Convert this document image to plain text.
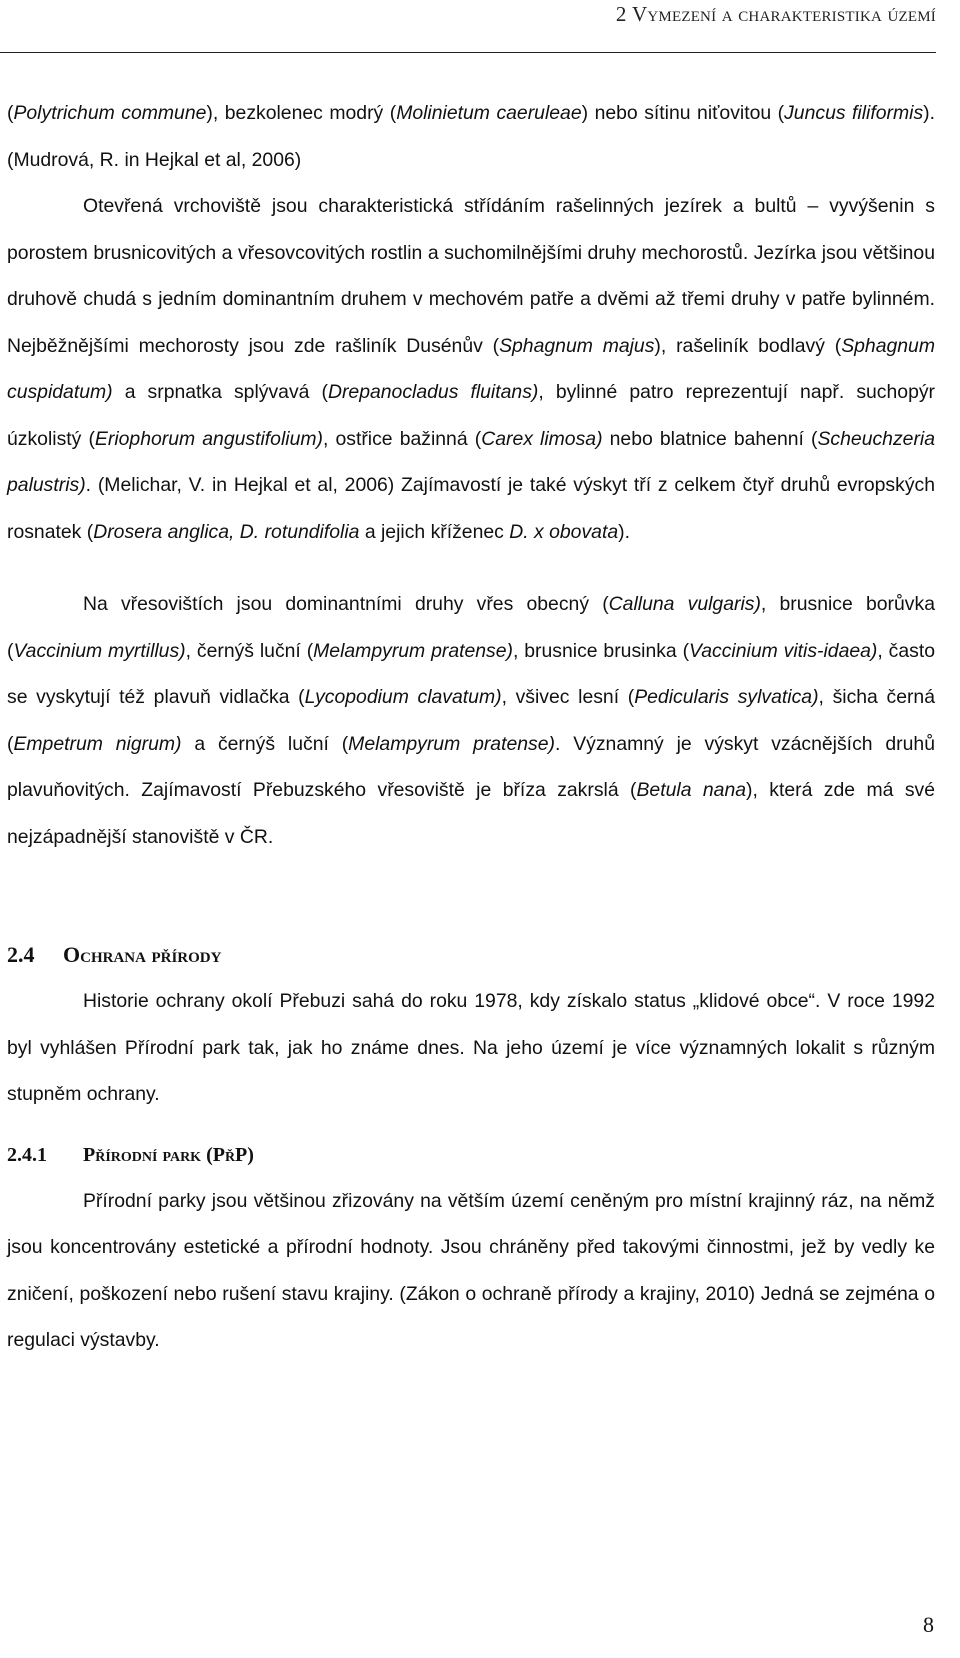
2 Vymezení a charakteristika území

(Polytrichum commune), bezkolenec modrý (Molinietum caeruleae) nebo sítinu niťovitou (Juncus filiformis). (Mudrová, R. in Hejkal et al, 2006)

Otevřená vrchoviště jsou charakteristická střídáním rašelinných jezírek a bultů – vyvýšenin s porostem brusnicovitých a vřesovcovitých rostlin a suchomilnějšími druhy mechorostů. Jezírka jsou většinou druhově chudá s jedním dominantním druhem v mechovém patře a dvěmi až třemi druhy v patře bylinném. Nejběžnějšími mechorosty jsou zde rašliník Dusénův (Sphagnum majus), rašeliník bodlavý (Sphagnum cuspidatum) a srpnatka splývavá (Drepanocladus fluitans), bylinné patro reprezentují např. suchopýr úzkolistý (Eriophorum angustifolium), ostřice bažinná (Carex limosa) nebo blatnice bahenní (Scheuchzeria palustris). (Melichar, V. in Hejkal et al, 2006) Zajímavostí je také výskyt tří z celkem čtyř druhů evropských rosnatek (Drosera anglica, D. rotundifolia a jejich kříženec D. x obovata).

Na vřesovištích jsou dominantními druhy vřes obecný (Calluna vulgaris), brusnice borůvka (Vaccinium myrtillus), černýš luční (Melampyrum pratense), brusnice brusinka (Vaccinium vitis-idaea), často se vyskytují též plavuň vidlačka (Lycopodium clavatum), všivec lesní (Pedicularis sylvatica), šicha černá (Empetrum nigrum) a černýš luční (Melampyrum pratense). Významný je výskyt vzácnějších druhů plavuňovitých. Zajímavostí Přebuzského vřesoviště je bříza zakrslá (Betula nana), která zde má své nejzápadnější stanoviště v ČR.

2.4 Ochrana přírody

Historie ochrany okolí Přebuzi sahá do roku 1978, kdy získalo status „klidové obce“. V roce 1992 byl vyhlášen Přírodní park tak, jak ho známe dnes. Na jeho území je více významných lokalit s různým stupněm ochrany.

2.4.1 Přírodní park (PřP)

Přírodní parky jsou většinou zřizovány na větším území ceněným pro místní krajinný ráz, na němž jsou koncentrovány estetické a přírodní hodnoty. Jsou chráněny před takovými činnostmi, jež by vedly ke zničení, poškození nebo rušení stavu krajiny. (Zákon o ochraně přírody a krajiny, 2010) Jedná se zejména o regulaci výstavby.

8
